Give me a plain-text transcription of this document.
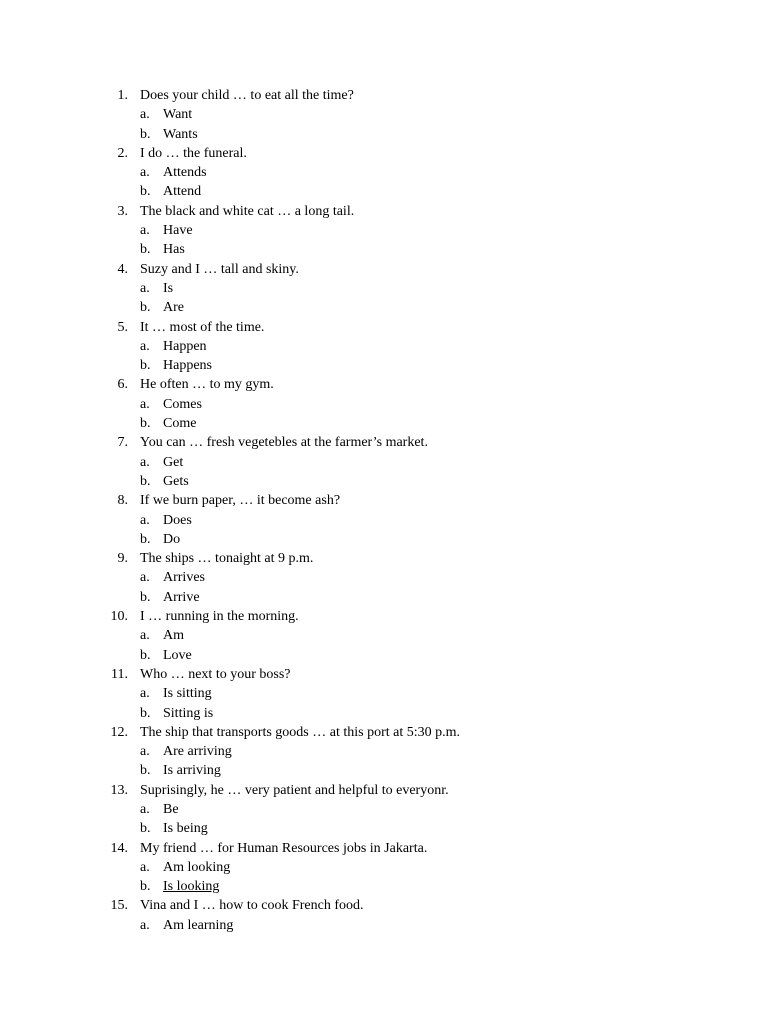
1. Does your child … to eat all the time?
a. Want
b. Wants
2. I do … the funeral.
a. Attends
b. Attend
3. The black and white cat … a long tail.
a. Have
b. Has
4. Suzy and I … tall and skiny.
a. Is
b. Are
5. It … most of the time.
a. Happen
b. Happens
6. He often … to my gym.
a. Comes
b. Come
7. You can … fresh vegetebles at the farmer’s market.
a. Get
b. Gets
8. If we burn paper, … it become ash?
a. Does
b. Do
9. The ships … tonaight at 9 p.m.
a. Arrives
b. Arrive
10. I … running in the morning.
a. Am
b. Love
11. Who … next to your boss?
a. Is sitting
b. Sitting is
12. The ship that transports goods … at this port at 5:30 p.m.
a. Are arriving
b. Is arriving
13. Suprisingly, he … very patient and helpful to everyonr.
a. Be
b. Is being
14. My friend … for Human Resources jobs in Jakarta.
a. Am looking
b. Is looking
15. Vina and I … how to cook French food.
a. Am learning
